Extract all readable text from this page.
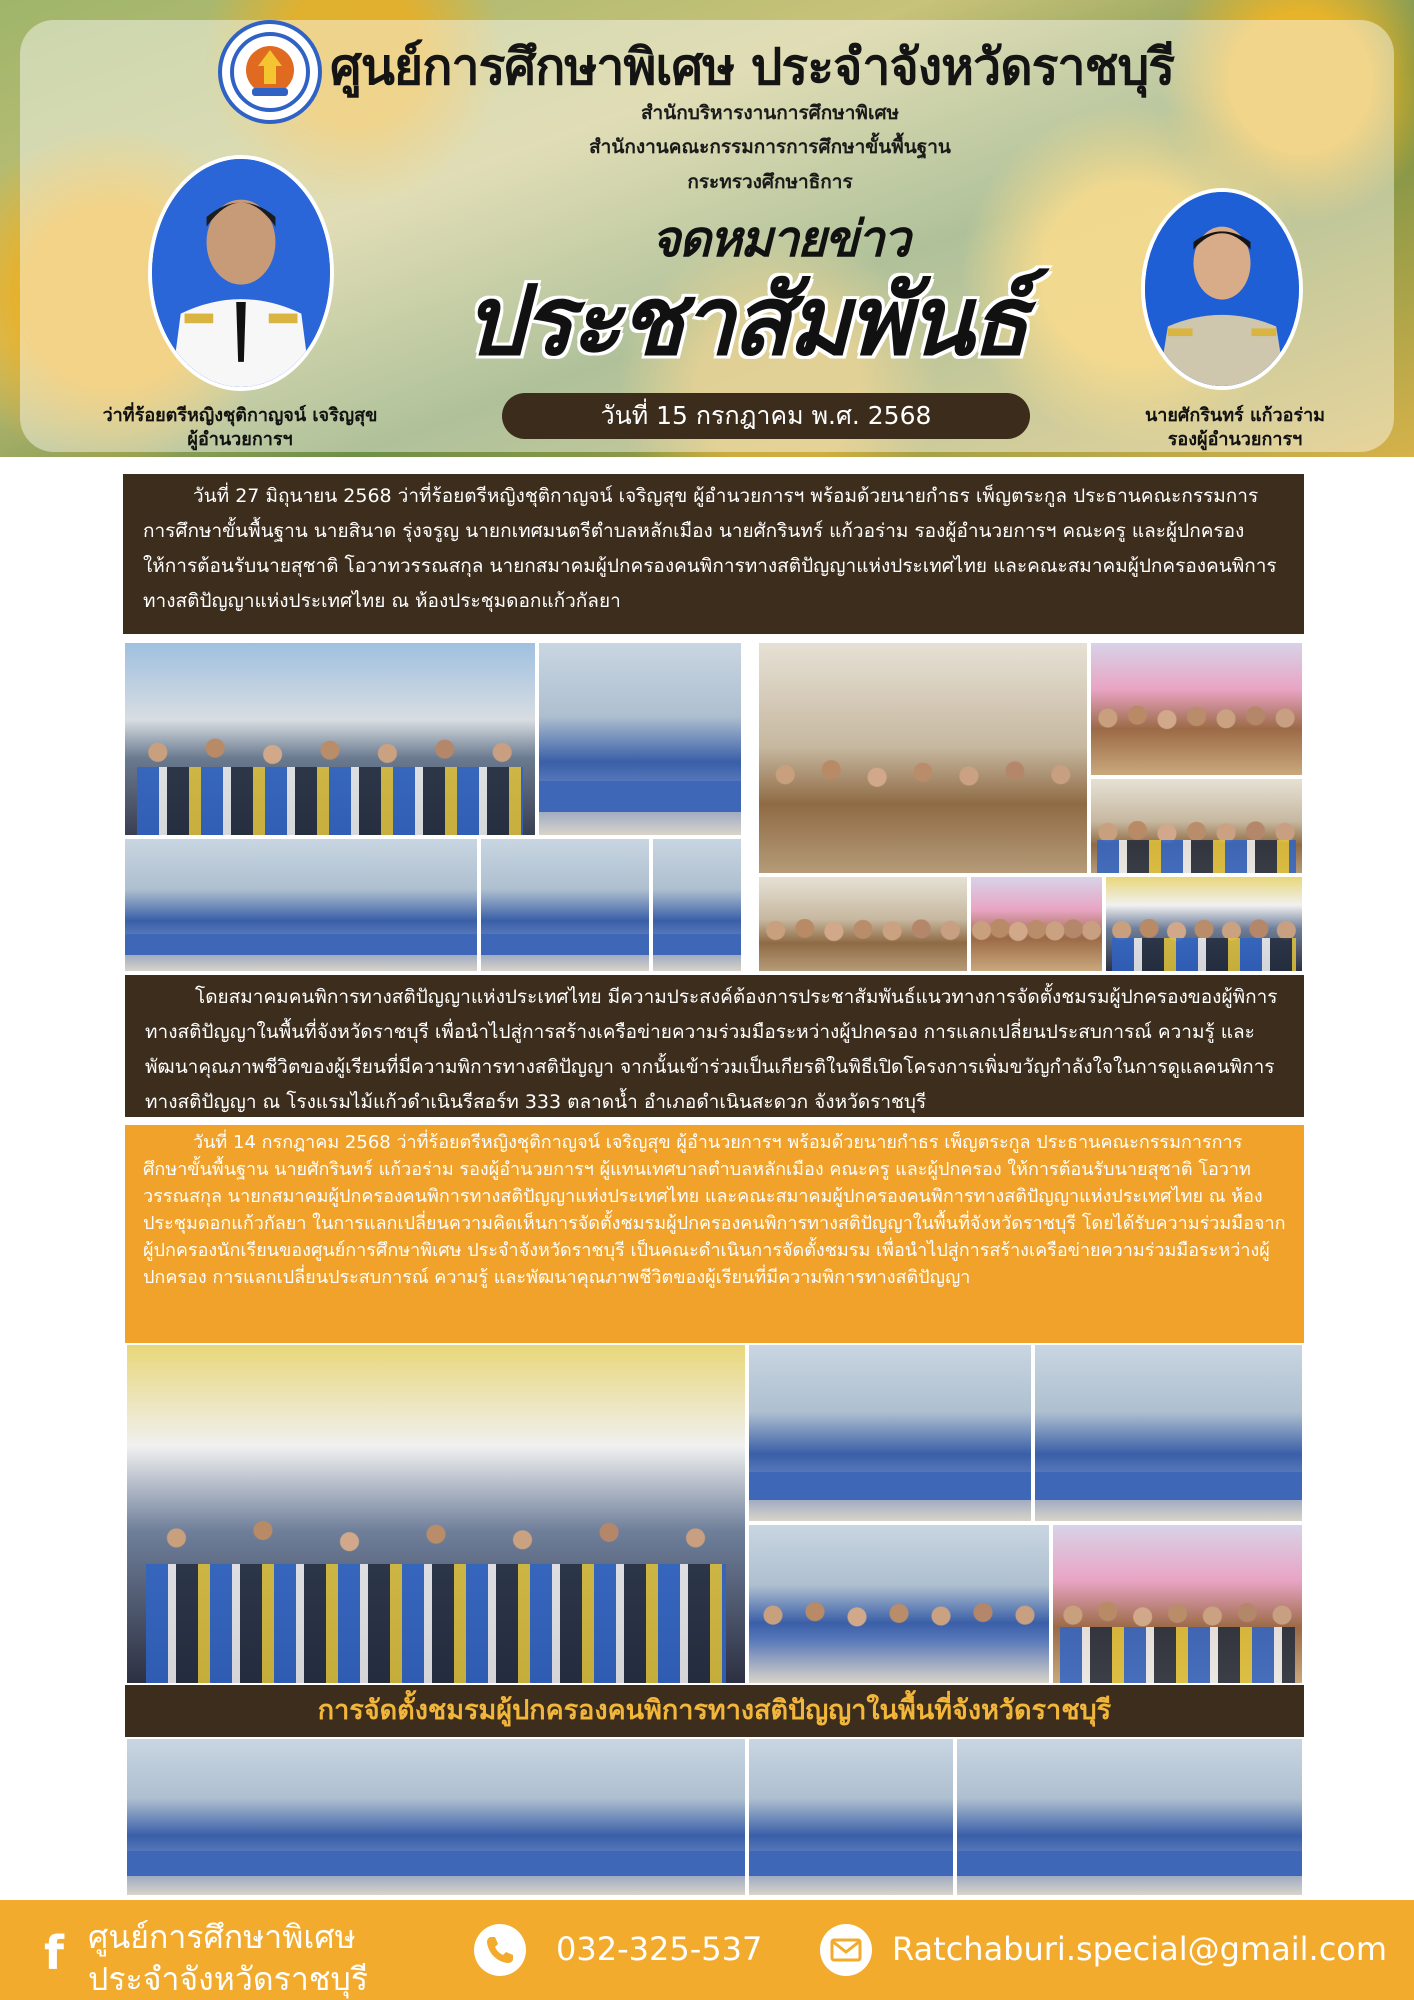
ศูนย์การศึกษาพิเศษ ประจำจังหวัดราชบุรี
สำนักบริหารงานการศึกษาพิเศษ
สำนักงานคณะกรรมการการศึกษาขั้นพื้นฐาน
กระทรวงศึกษาธิการ
จดหมายข่าว
ประชาสัมพันธ์
วันที่ 15 กรกฎาคม พ.ศ. 2568
ว่าที่ร้อยตรีหญิงชุติกาญจน์ เจริญสุข
ผู้อำนวยการฯ
นายศักรินทร์ แก้วอร่าม
รองผู้อำนวยการฯ
วันที่ 27 มิถุนายน 2568 ว่าที่ร้อยตรีหญิงชุติกาญจน์ เจริญสุข ผู้อำนวยการฯ พร้อมด้วยนายกำธร เพ็ญตระกูล ประธานคณะกรรมการการศึกษาขั้นพื้นฐาน นายสินาด รุ่งจรูญ นายกเทศมนตรีตำบลหลักเมือง นายศักรินทร์ แก้วอร่าม รองผู้อำนวยการฯ คณะครู และผู้ปกครอง ให้การต้อนรับนายสุชาติ โอวาทวรรณสกุล นายกสมาคมผู้ปกครองคนพิการทางสติปัญญาแห่งประเทศไทย และคณะสมาคมผู้ปกครองคนพิการทางสติปัญญาแห่งประเทศไทย ณ ห้องประชุมดอกแก้วกัลยา
โดยสมาคมคนพิการทางสติปัญญาแห่งประเทศไทย มีความประสงค์ต้องการประชาสัมพันธ์แนวทางการจัดตั้งชมรมผู้ปกครองของผู้พิการทางสติปัญญาในพื้นที่จังหวัดราชบุรี เพื่อนำไปสู่การสร้างเครือข่ายความร่วมมือระหว่างผู้ปกครอง การแลกเปลี่ยนประสบการณ์ ความรู้ และพัฒนาคุณภาพชีวิตของผู้เรียนที่มีความพิการทางสติปัญญา จากนั้นเข้าร่วมเป็นเกียรติในพิธีเปิดโครงการเพิ่มขวัญกำลังใจในการดูแลคนพิการทางสติปัญญา ณ โรงแรมไม้แก้วดำเนินรีสอร์ท 333 ตลาดน้ำ อำเภอดำเนินสะดวก จังหวัดราชบุรี
วันที่ 14 กรกฎาคม 2568 ว่าที่ร้อยตรีหญิงชุติกาญจน์ เจริญสุข ผู้อำนวยการฯ พร้อมด้วยนายกำธร เพ็ญตระกูล ประธานคณะกรรมการการศึกษาขั้นพื้นฐาน นายศักรินทร์ แก้วอร่าม รองผู้อำนวยการฯ ผู้แทนเทศบาลตำบลหลักเมือง คณะครู และผู้ปกครอง ให้การต้อนรับนายสุชาติ โอวาทวรรณสกุล นายกสมาคมผู้ปกครองคนพิการทางสติปัญญาแห่งประเทศไทย และคณะสมาคมผู้ปกครองคนพิการทางสติปัญญาแห่งประเทศไทย ณ ห้องประชุมดอกแก้วกัลยา ในการแลกเปลี่ยนความคิดเห็นการจัดตั้งชมรมผู้ปกครองคนพิการทางสติปัญญาในพื้นที่จังหวัดราชบุรี โดยได้รับความร่วมมือจากผู้ปกครองนักเรียนของศูนย์การศึกษาพิเศษ ประจำจังหวัดราชบุรี เป็นคณะดำเนินการจัดตั้งชมรม เพื่อนำไปสู่การสร้างเครือข่ายความร่วมมือระหว่างผู้ปกครอง การแลกเปลี่ยนประสบการณ์ ความรู้ และพัฒนาคุณภาพชีวิตของผู้เรียนที่มีความพิการทางสติปัญญา
การจัดตั้งชมรมผู้ปกครองคนพิการทางสติปัญญาในพื้นที่จังหวัดราชบุรี
f ศูนย์การศึกษาพิเศษ
ประจำจังหวัดราชบุรี
032-325-537	Ratchaburi.special@gmail.com
